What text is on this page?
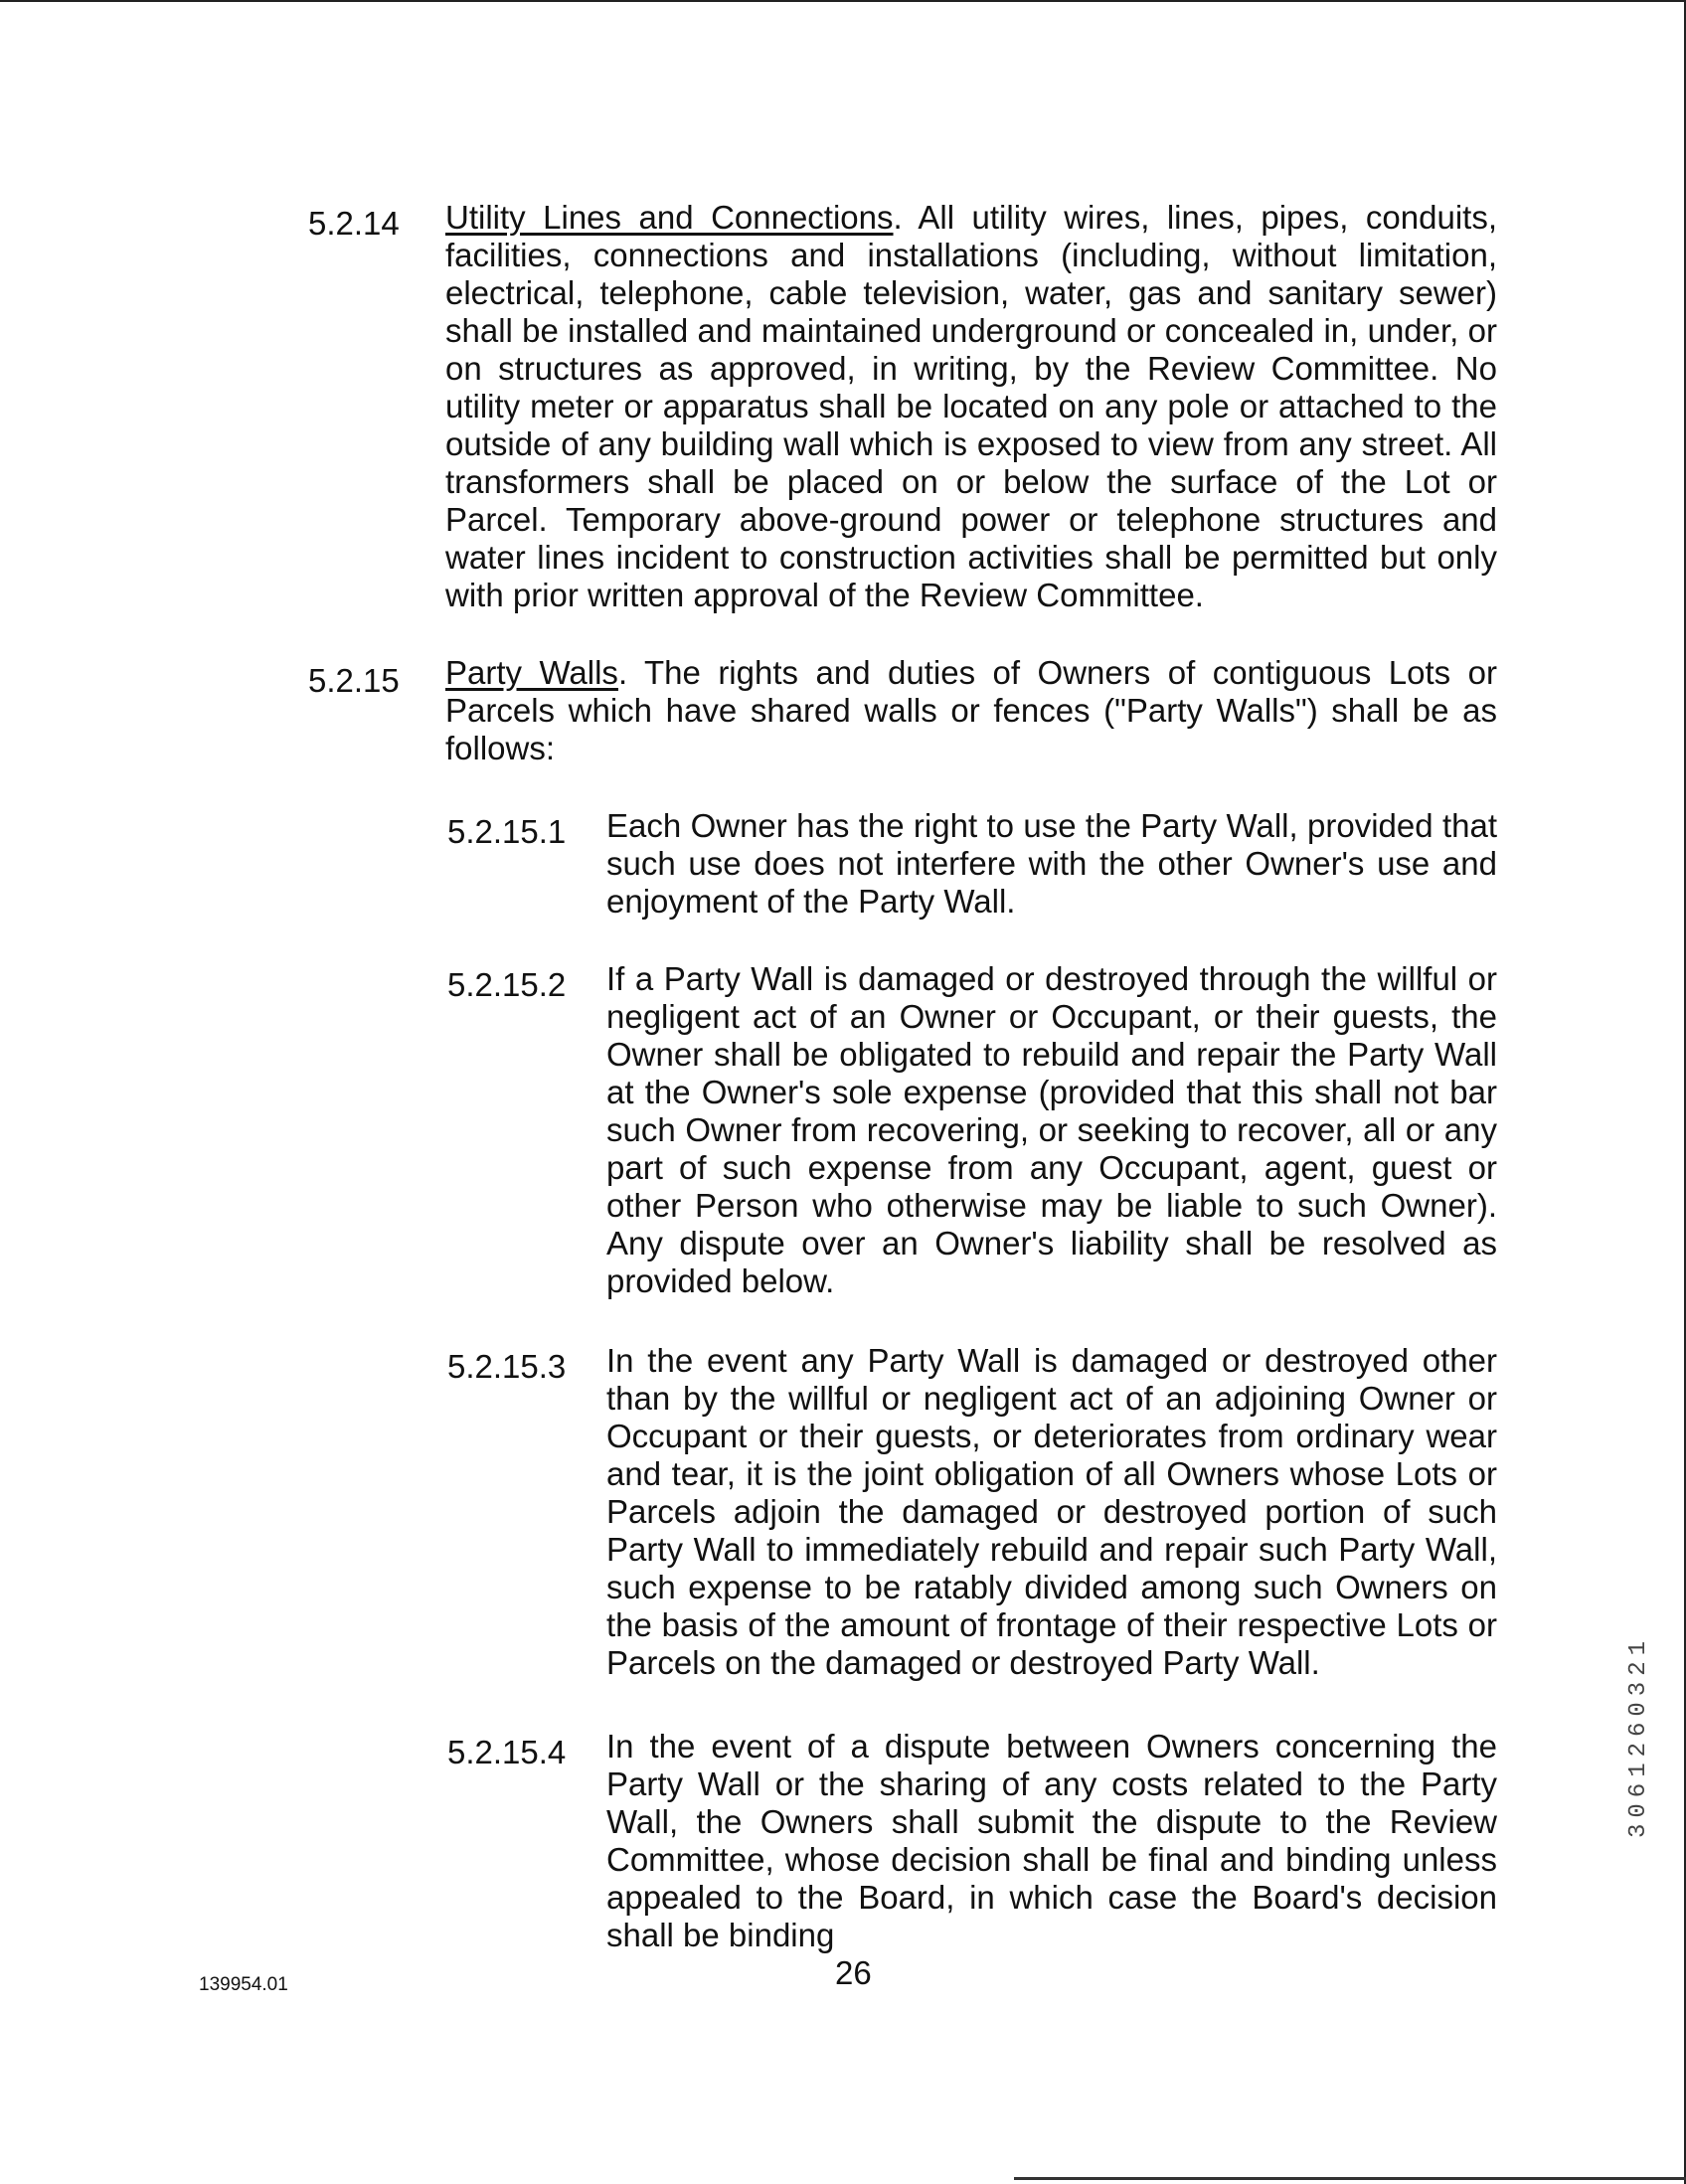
5.2.14 Utility Lines and Connections. All utility wires, lines, pipes, conduits, facilities, connections and installations (including, without limitation, electrical, telephone, cable television, water, gas and sanitary sewer) shall be installed and maintained underground or concealed in, under, or on structures as approved, in writing, by the Review Committee. No utility meter or apparatus shall be located on any pole or attached to the outside of any building wall which is exposed to view from any street. All transformers shall be placed on or below the surface of the Lot or Parcel. Temporary above-ground power or telephone structures and water lines incident to construction activities shall be permitted but only with prior written approval of the Review Committee.
5.2.15 Party Walls. The rights and duties of Owners of contiguous Lots or Parcels which have shared walls or fences ("Party Walls") shall be as follows:
5.2.15.1 Each Owner has the right to use the Party Wall, provided that such use does not interfere with the other Owner's use and enjoyment of the Party Wall.
5.2.15.2 If a Party Wall is damaged or destroyed through the willful or negligent act of an Owner or Occupant, or their guests, the Owner shall be obligated to rebuild and repair the Party Wall at the Owner's sole expense (provided that this shall not bar such Owner from recovering, or seeking to recover, all or any part of such expense from any Occupant, agent, guest or other Person who otherwise may be liable to such Owner). Any dispute over an Owner's liability shall be resolved as provided below.
5.2.15.3 In the event any Party Wall is damaged or destroyed other than by the willful or negligent act of an adjoining Owner or Occupant or their guests, or deteriorates from ordinary wear and tear, it is the joint obligation of all Owners whose Lots or Parcels adjoin the damaged or destroyed portion of such Party Wall to immediately rebuild and repair such Party Wall, such expense to be ratably divided among such Owners on the basis of the amount of frontage of their respective Lots or Parcels on the damaged or destroyed Party Wall.
5.2.15.4 In the event of a dispute between Owners concerning the Party Wall or the sharing of any costs related to the Party Wall, the Owners shall submit the dispute to the Review Committee, whose decision shall be final and binding unless appealed to the Board, in which case the Board's decision shall be binding
139954.01	26
3061260321
